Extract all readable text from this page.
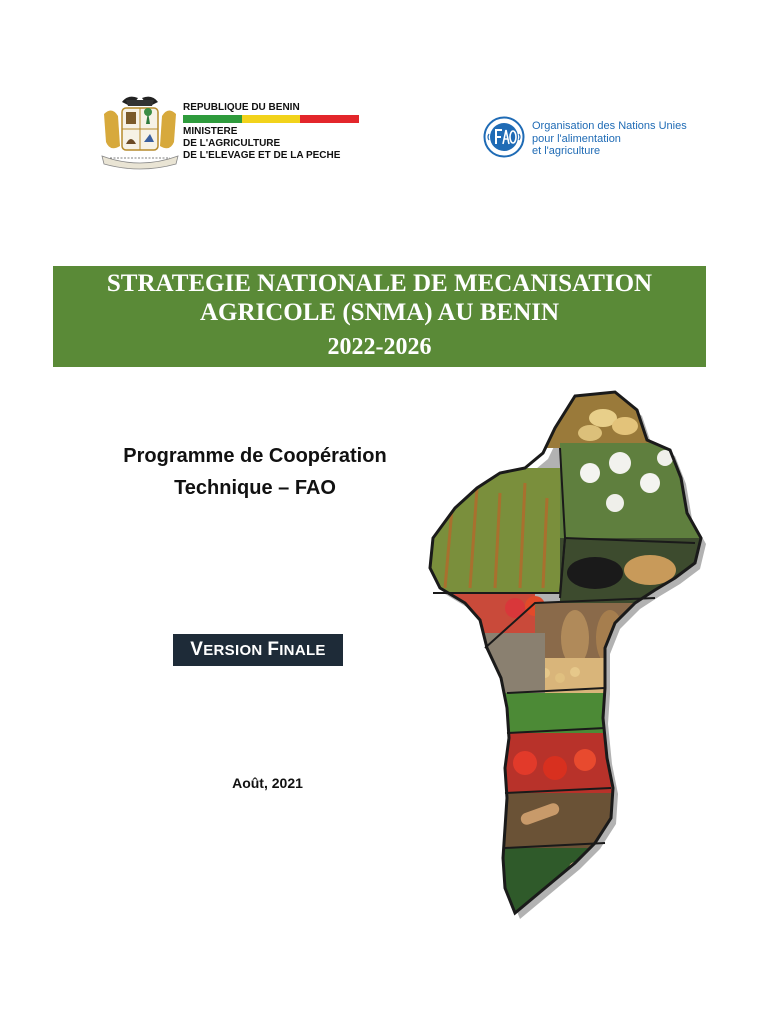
REPUBLIQUE DU BENIN
MINISTERE
DE L'AGRICULTURE
DE L'ELEVAGE ET DE LA PECHE
Organisation des Nations Unies
pour l'alimentation
et l'agriculture
STRATEGIE NATIONALE DE MECANISATION
AGRICOLE (SNMA) AU BENIN
2022-2026
Programme de Coopération
Technique – FAO
VERSION FINALE
Août, 2021
